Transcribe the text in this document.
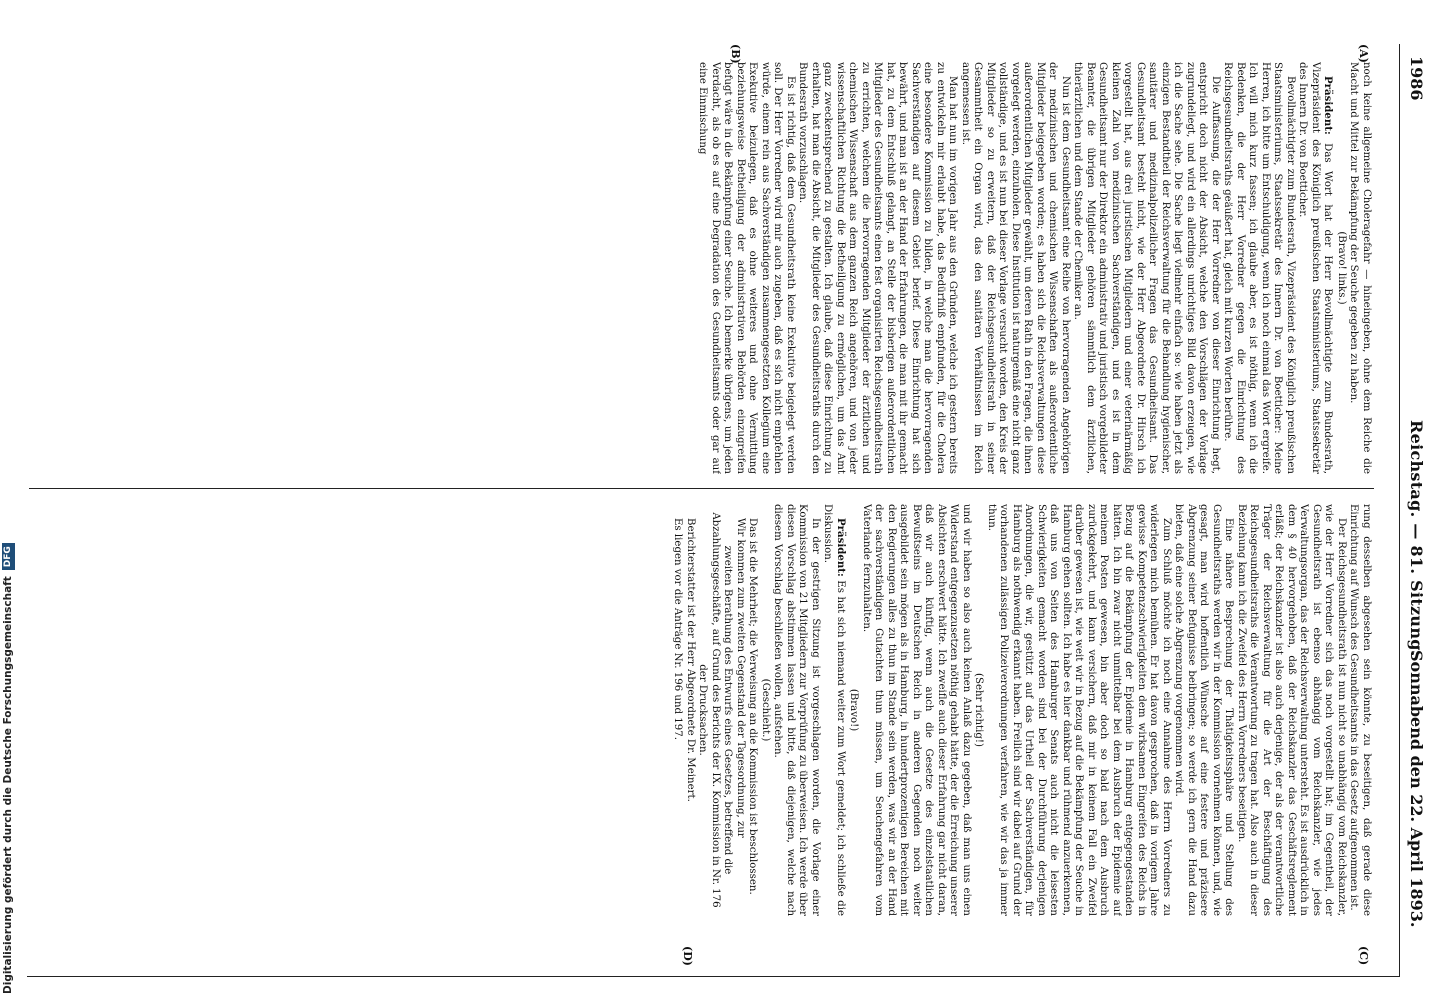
1986
Reichstag. — 81. Sitzung.
Sonnabend den 22. April 1893.
(A)
(B)
(C)
(D)

noch keine allgemeine Choleragefahr — hineingeben, ohne dem Reiche die Macht und Mittel zur Bekämpfung der Seuche gegeben zu haben.

(Bravo! links.)

Präsident: Das Wort hat der Herr Bevollmächtigte zum Bundesrath, Vizepräsident des Königlich preußischen Staatsministeriums, Staatssekretär des Innern Dr. von Boetticher.

Bevollmächtigter zum Bundesrath, Vizepräsident des Königlich preußischen Staatsministeriums, Staatssekretär des Innern Dr. von Boetticher: Meine Herren, ich bitte um Entschuldigung, wenn ich noch einmal das Wort ergreife. Ich will mich kurz fassen; ich glaube aber, es ist nöthig, wenn ich die Bedenken, die der Herr Vorredner gegen die Einrichtung des Reichsgesundheitsraths geäußert hat, gleich mit kurzen Worten berühre.

Die Auffassung, die der Herr Vorredner von dieser Einrichtung hegt, entspricht doch nicht der Absicht, welche den Vorschlägen der Vorlage zugrundeliegt, und wird ein allerdings unrichtiges Bild davon erzeugen, wie ich die Sache sehe. Die Sache liegt vielmehr einfach so: wie haben jetzt als einzigen Bestandtheil der Reichsverwaltung für die Behandlung hygienischer, sanitärer und medizinalpolizeilicher Fragen das Gesundheitsamt. Das Gesundheitsamt besteht nicht, wie der Herr Abgeordnete Dr. Hirsch ich vorgestellt hat, aus drei juristischen Mitgliedern und einer veterinärmäßig kleinen Zahl von medizinischen Sachverständigen, und es ist in dem Gesundheitsamt nur der Direktor ein administrativ und juristisch vorgebildeter Beamter, die übrigen Mitglieder gehören sämmtlich dem ärztlichen, thierärztlichen und dem Stande der Chemiker an.

Nun ist dem Gesundheitsamt eine Reihe von hervorragenden Angehörigen der medizinischen und chemischen Wissenschaften als außerordentliche Mitglieder beigegeben worden; es haben sich die Reichsverwaltungen diese außerordentlichen Mitglieder gewählt, um deren Rath in den Fragen, die ihnen vorgelegt werden, einzuholen. Diese Institution ist naturgemäß eine nicht ganz vollständige, und es ist nun bei dieser Vorlage versucht worden, den Kreis der Mitglieder so zu erweitern, daß der Reichsgesundheitsrath in seiner Gesammtheit ein Organ wird, das den sanitären Verhältnissen im Reich angemessen ist.

Man hat nun im vorigen Jahr aus den Gründen, welche ich gestern bereits zu entwickeln mir erlaubt habe, das Bedürfniß empfunden, für die Cholera eine besondere Kommission zu bilden, in welche man die hervorragenden Sachverständigen auf diesem Gebiet berief. Diese Einrichtung hat sich bewährt, und man ist an der Hand der Erfahrungen, die man mit ihr gemacht hat, zu dem Entschluß gelangt, an Stelle der bisherigen außerordentlichen Mitglieder des Gesundheitsamts einen fest organisirten Reichsgesundheitsrath zu errichten, welchem die hervorragenden Mitglieder der ärztlichen und chemischen Wissenschaft aus dem ganzen Reich angehören, und von jeder wissenschaftlichen Richtung die Betheiligung zu ermöglichen, um das Amt ganz zweckentsprechend zu gestalten. Ich glaube, daß diese Einrichtung zu erhalten, hat man die Absicht, die Mitglieder des Gesundheitsraths durch den Bundesrath vorzuschlagen.

Es ist richtig, daß dem Gesundheitsrath keine Exekutive beigelegt werden soll. Der Herr Vorredner wird mir auch zugeben, daß es sich nicht empfehlen würde, einem rein aus Sachverständigen zusammengesetzten Kollegium eine Exekutive beizulegen, daß es ohne weiteres und ohne Vermittlung beziehungsweise Betheiligung der administrativen Behörden einzugreifen befugt wäre in die Bekämpfung einer Seuche. Ich bemerke übrigens, um jeden Verdacht, als ob es auf eine Degradation des Gesundheitsamts oder gar auf eine Einmischung

rung desselben abgesehen sein könnte, zu beseitigen, daß gerade diese Einrichtung auf Wunsch des Gesundheitsamts in das Gesetz aufgenommen ist.

Der Reichsgesundheitsrath ist nun nicht so unabhängig vom Reichskanzler, wie der Herr Vorredner sich das noch vorgestellt hat; im Gegentheil, der Gesundheitsrath ist ebenso abhängig vom Reichskanzler, wie jedes Verwaltungsorgan, das der Reichsverwaltung untersteht. Es ist ausdrücklich in dem § 40 hervorgehoben, daß der Reichskanzler das Geschäftsreglement erläßt; der Reichskanzler ist also auch derjenige, der als der verantwortliche Träger der Reichsverwaltung für die Art der Beschäftigung des Reichsgesundheitsraths die Verantwortung zu tragen hat. Also auch in dieser Beziehung kann ich die Zweifel des Herrn Vorredners beseitigen.

Eine nähere Besprechung der Thätigkeitssphäre und Stellung des Gesundheitsraths werden wir in der Kommission vornehmen können, und, wie gesagt, man wird hoffentlich Wünsche auf eine festere und präzisere Abgrenzung seiner Befugnisse beibringen; so werde ich gern die Hand dazu bieten, daß eine solche Abgrenzung vorgenommen wird.

Zum Schluß möchte ich noch eine Annahme des Herrn Vorredners zu widerlegen mich bemühen. Er hat davon gesprochen, daß in vorigem Jahre gewisse Kompetenzschwierigkeiten dem wirksamen Eingreifen des Reichs in Bezug auf die Bekämpfung der Epidemie in Hamburg entgegengestanden hätten. Ich bin zwar nicht unmittelbar bei dem Ausbruch der Epidemie auf meinem Posten gewesen, bin aber doch so bald nach dem Ausbruch zurückgekehrt, und kann versichern, daß mir in keinem Fall ein Zweifel darüber gewesen ist, wie weit wir in Bezug auf die Bekämpfung der Seuche in Hamburg gehen sollten. Ich habe es hier dankbar und rühmend anzuerkennen, daß uns von Seiten des Hamburger Senats auch nicht die leisesten Schwierigkeiten gemacht worden sind bei der Durchführung derjenigen Anordnungen, die wir, gestützt auf das Urtheil der Sachverständigen, für Hamburg als nothwendig erkannt haben. Freilich sind wir dabei auf Grund der vorhandenen zulässigen Polizeiverordnungen verfahren, wie wir das ja immer thun.

(Sehr richtig!)

und wir haben so also auch keinen Anlaß dazu gegeben, daß man uns einen Widerstand entgegenzusetzen nöthig gehabt hätte, der die Erreichung unserer Absichten erschwert hätte. Ich zweifle auch dieser Erfahrung gar nicht daran, daß wir auch künftig, wenn auch die Gesetze des einzelstaatlichen Bewußtseins im Deutschen Reich in anderen Gegenden noch weiter ausgebildet sein mögen als in Hamburg, in hundertprozentigen Bereichen mit den Regierungen alles zu thun im Stande sein werden, was wir an der Hand der sachverständigen Gutachten thun müssen, um Seuchengefahren vom Vaterlande fernzuhalten.

(Bravo!)

Präsident: Es hat sich niemand weiter zum Wort gemeldet; ich schließe die Diskussion.

In der gestrigen Sitzung ist vorgeschlagen worden, die Vorlage einer Kommission von 21 Mitgliedern zur Vorprüfung zu überweisen. Ich werde über diesen Vorschlag abstimmen lassen und bitte, daß diejenigen, welche nach diesem Vorschlag beschließen wollen, aufstehen.

(Geschieht.)

Das ist die Mehrheit; die Verweisung an die Kommission ist beschlossen.

Wir kommen zum zweiten Gegenstand der Tagesordnung, zur

zweiten Berathung des Entwurfs eines Gesetzes, betreffend die Abzahlungsgeschäfte, auf Grund des Berichts der IX. Kommission in Nr. 176 der Drucksachen.

Berichterstatter ist der Herr Abgeordnete Dr. Meinert.

Es liegen vor die Anträge Nr. 196 und 197.

Digitalisierung gefördert durch die Deutsche Forschungsgemeinschaft
DFG
